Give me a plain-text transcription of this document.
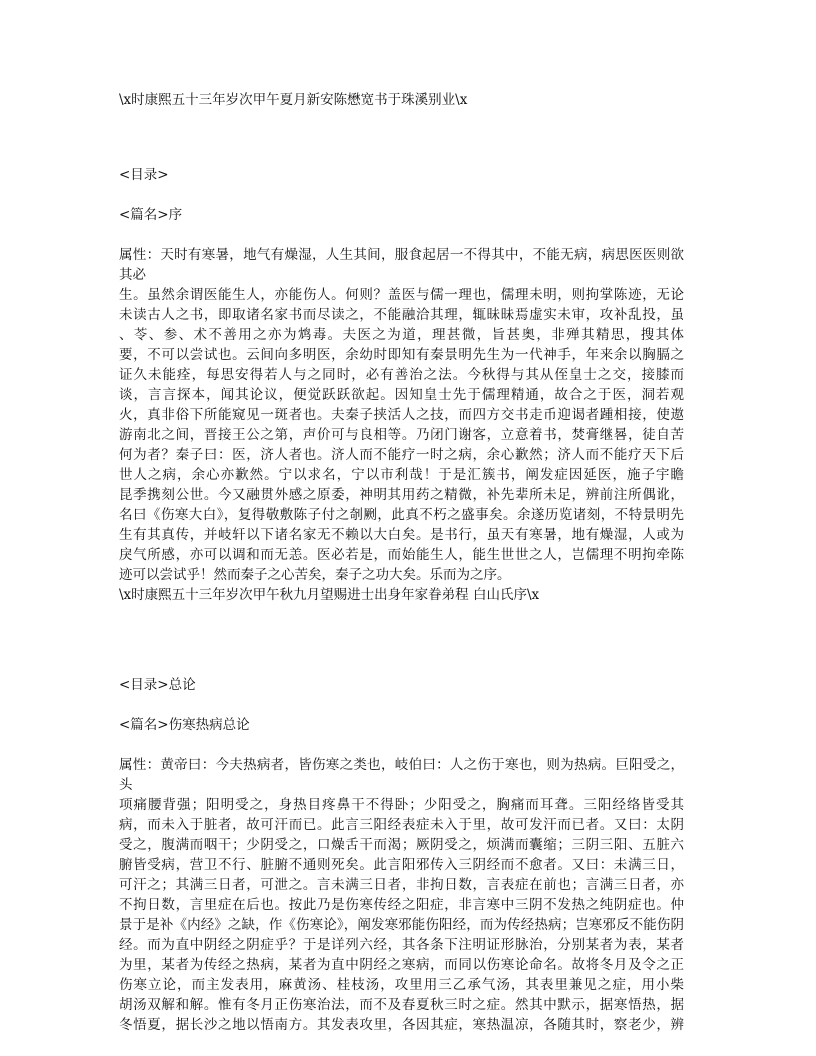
\x时康熙五十三年岁次甲午夏月新安陈懋宽书于珠溪别业\x
<目录>
<篇名>序
属性：天时有寒暑，地气有燥湿，人生其间，服食起居一不得其中，不能无病，病思医医则欲
其必
生。虽然余谓医能生人，亦能伤人。何则？盖医与儒一理也，儒理未明，则拘掌陈迹，无论
未读古人之书，即取诸名家书而尽读之，不能融洽其理，辄昧昧焉虚实未审，攻补乱投，虽
、苓、参、术不善用之亦为鸩毒。夫医之为道，理甚微，旨甚奥，非殚其精思，搜其体
要，不可以尝试也。云间向多明医，余幼时即知有秦景明先生为一代神手，年来余以胸膈之
证久未能痊，每思安得若人与之同时，必有善治之法。今秋得与其从侄皇士之交，接膝而
谈，言言探本，闻其论议，便觉跃跃欲起。因知皇士先于儒理精通，故合之于医，洞若观
火，真非俗下所能窥见一斑者也。夫秦子挟活人之技，而四方交书走币迎谒者踵相接，使遨
游南北之间，晋接王公之第，声价可与良相等。乃闭门谢客，立意着书，焚膏继晷，徒自苦
何为者？秦子曰：医，济人者也。济人而不能疗一时之病，余心歉然；济人而不能疗天下后
世人之病，余心亦歉然。宁以求名，宁以市利哉！于是汇簇书，阐发症因延医，施子宇瞻
昆季携刻公世。今又融贯外感之原委，神明其用药之精微，补先辈所未足，辨前注所偶讹，
名曰《伤寒大白》，复得敬敷陈子付之剞劂，此真不朽之盛事矣。余遂历览诸刻，不特景明先
生有其真传，并岐轩以下诸名家无不赖以大白矣。是书行，虽天有寒暑，地有燥湿，人或为
戾气所感，亦可以调和而无恙。医必若是，而始能生人，能生世世之人，岂儒理不明拘牵陈
迹可以尝试乎！然而秦子之心苦矣，秦子之功大矣。乐而为之序。
\x时康熙五十三年岁次甲午秋九月望赐进士出身年家眷弟程 白山氏序\x
<目录>总论
<篇名>伤寒热病总论
属性：黄帝曰：今夫热病者，皆伤寒之类也，岐伯曰：人之伤于寒也，则为热病。巨阳受之，
头
项痛腰背强；阳明受之，身热目疼鼻干不得卧；少阳受之，胸痛而耳聋。三阳经络皆受其
病，而未入于脏者，故可汗而已。此言三阳经表症未入于里，故可发汗而已者。又曰：太阴
受之，腹满而咽干；少阴受之，口燥舌干而渴；厥阴受之，烦满而囊缩；三阴三阳、五脏六
腑皆受病，营卫不行、脏腑不通则死矣。此言阳邪传入三阴经而不愈者。又曰：未满三日，
可汗之；其满三日者，可泄之。言未满三日者，非拘日数，言表症在前也；言满三日者，亦
不拘日数，言里症在后也。按此乃是伤寒传经之阳症，非言寒中三阴不发热之纯阴症也。仲
景于是补《内经》之缺，作《伤寒论》，阐发寒邪能伤阳经，而为传经热病；岂寒邪反不能伤阴
经。而为直中阴经之阴症乎？于是详列六经，其各条下注明证形脉治，分别某者为表，某者
为里，某者为传经之热病，某者为直中阴经之寒病，而同以伤寒论命名。故将冬月及令之正
伤寒立论，而主发表用，麻黄汤、桂枝汤，攻里用三乙承气汤，其表里兼见之症，用小柴
胡汤双解和解。惟有冬月正伤寒治法，而不及春夏秋三时之症。然其中默示，据寒悟热，据
冬悟夏，据长沙之地以悟南方。其发表攻里，各因其症，寒热温凉，各随其时，察老少，辨
